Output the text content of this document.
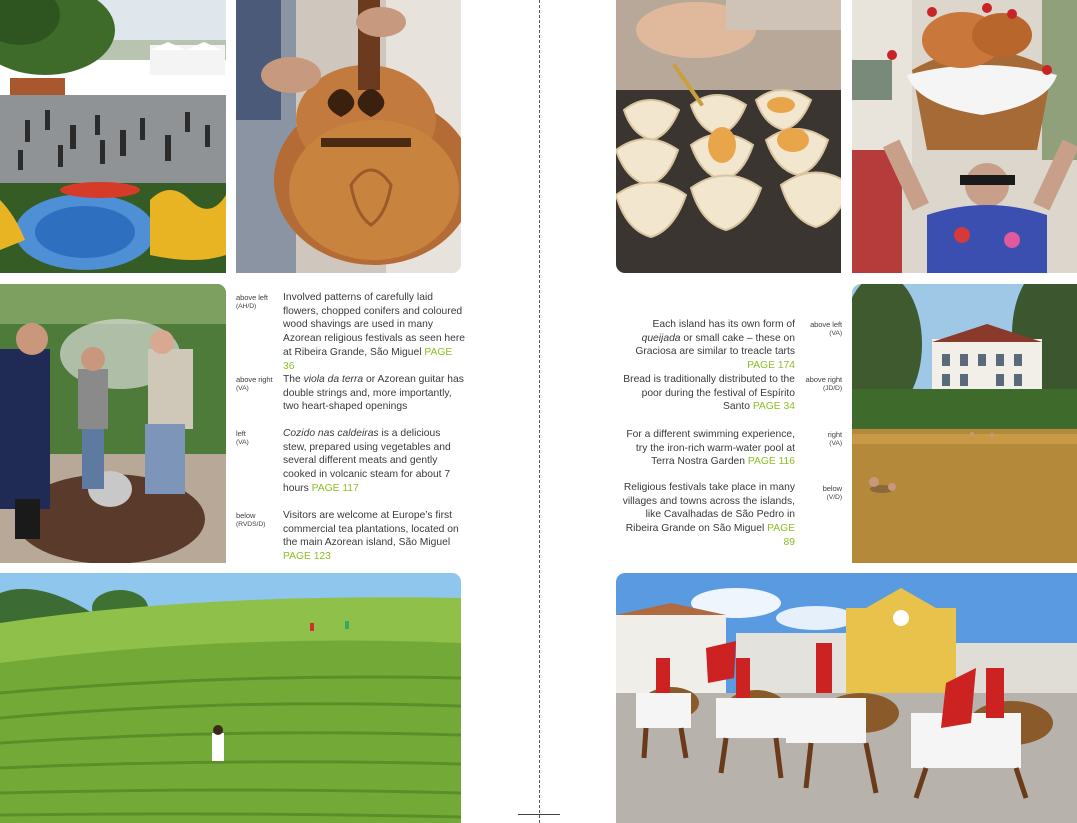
above left
(AH/D)
Involved patterns of carefully laid flowers, chopped conifers and coloured wood shavings are used in many Azorean religious festivals as seen here at Ribeira Grande, São Miguel PAGE 36
above right
(VA)
The viola da terra or Azorean guitar has double strings and, more importantly, two heart-shaped openings
left
(VA)
Cozido nas caldeiras is a delicious stew, prepared using vegetables and several different meats and gently cooked in volcanic steam for about 7 hours PAGE 117
below
(RVDS/D)
Visitors are welcome at Europe’s first commercial tea plantations, located on the main Azorean island, São Miguel PAGE 123
Each island has its own form of queijada or small cake – these on Graciosa are similar to treacle tarts PAGE 174
above left
(VA)
Bread is traditionally distributed to the poor during the festival of Espírito Santo PAGE 34
above right
(JD/D)
For a different swimming experience, try the iron-rich warm-water pool at Terra Nostra Garden PAGE 116
right
(VA)
Religious festivals take place in many villages and towns across the islands, like Cavalhadas de São Pedro in Ribeira Grande on São Miguel PAGE 89
below
(V/D)
